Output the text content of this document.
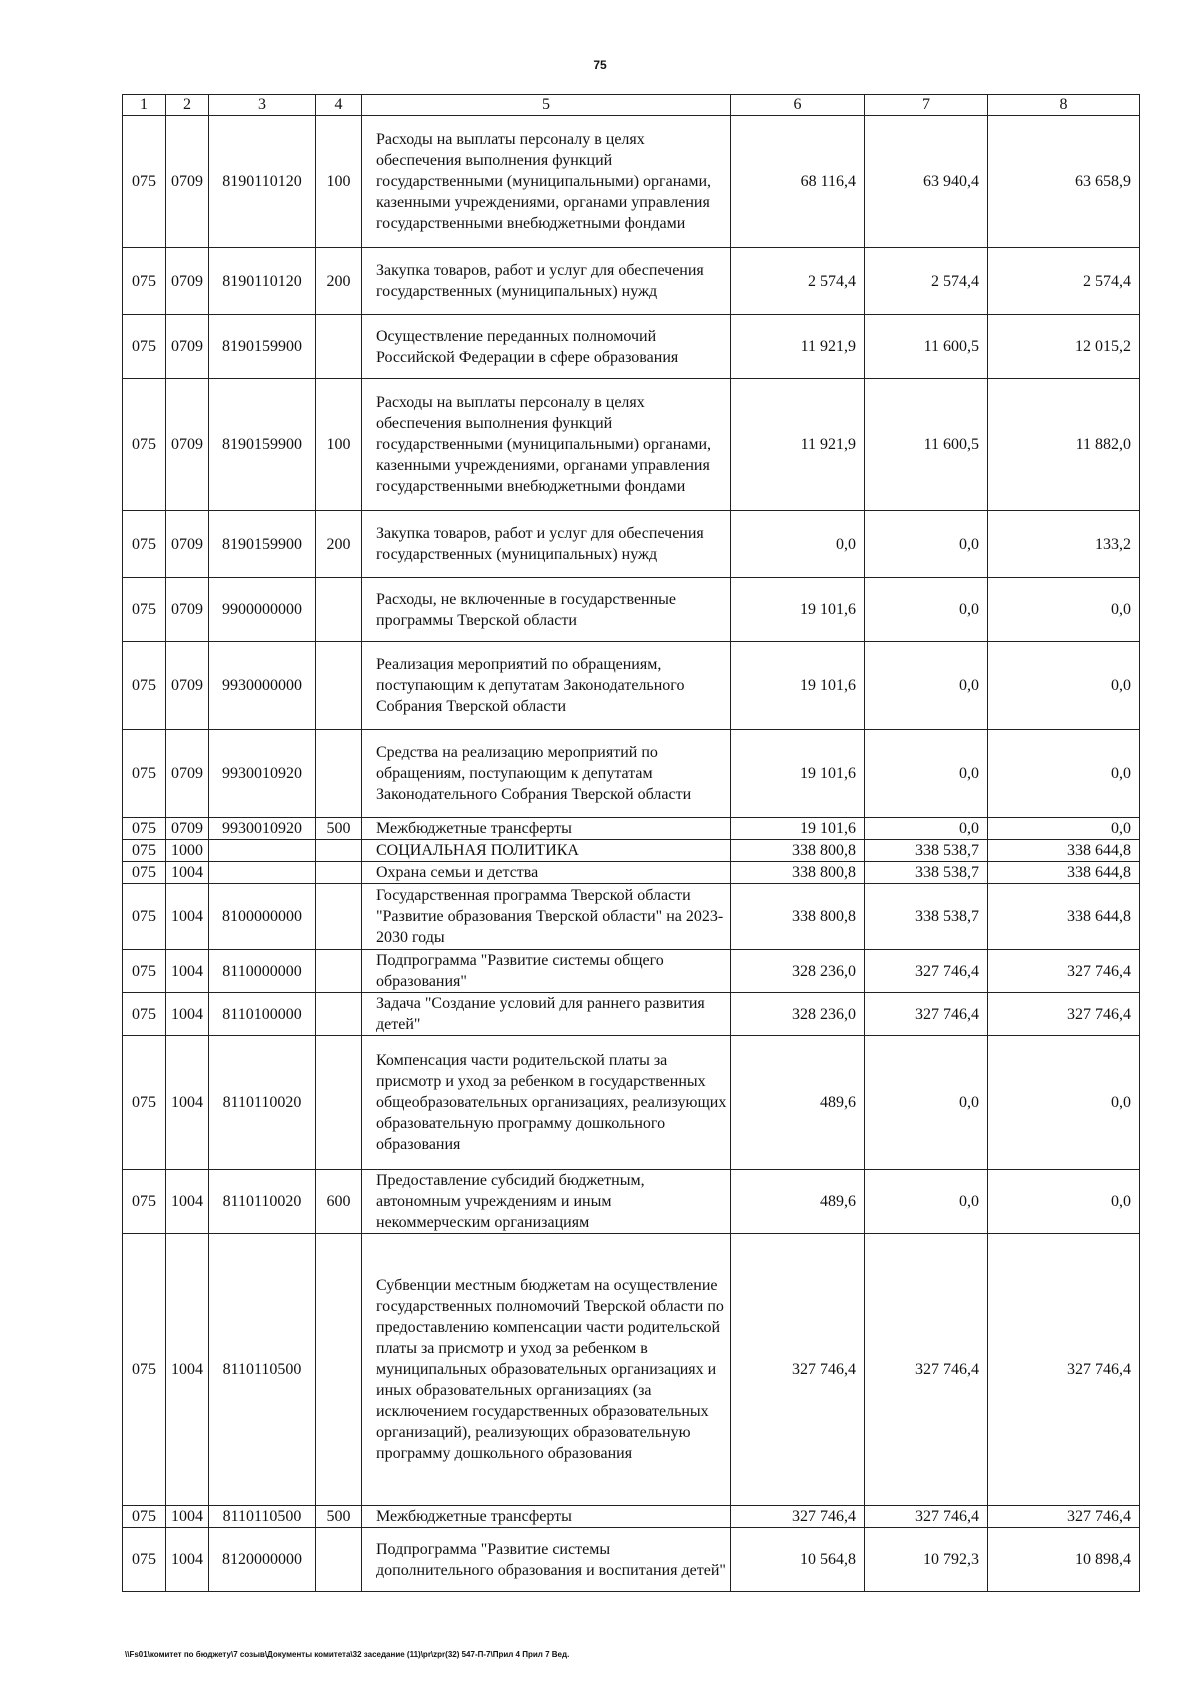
75
1	2	3	4	5	6	7	8
075	0709	8190110120	100	Расходы на выплаты персоналу в целях обеспечения выполнения функций государственными (муниципальными) органами, казенными учреждениями, органами управления государственными внебюджетными фондами	68 116,4	63 940,4	63 658,9
075	0709	8190110120	200	Закупка товаров, работ и услуг для обеспечения государственных (муниципальных) нужд	2 574,4	2 574,4	2 574,4
075	0709	8190159900		Осуществление переданных полномочий Российской Федерации в сфере образования	11 921,9	11 600,5	12 015,2
075	0709	8190159900	100	Расходы на выплаты персоналу в целях обеспечения выполнения функций государственными (муниципальными) органами, казенными учреждениями, органами управления государственными внебюджетными фондами	11 921,9	11 600,5	11 882,0
075	0709	8190159900	200	Закупка товаров, работ и услуг для обеспечения государственных (муниципальных) нужд	0,0	0,0	133,2
075	0709	9900000000		Расходы, не включенные в государственные программы Тверской области	19 101,6	0,0	0,0
075	0709	9930000000		Реализация мероприятий по обращениям, поступающим к депутатам Законодательного Собрания Тверской области	19 101,6	0,0	0,0
075	0709	9930010920		Средства на реализацию мероприятий по обращениям, поступающим к депутатам Законодательного Собрания Тверской области	19 101,6	0,0	0,0
075	0709	9930010920	500	Межбюджетные трансферты	19 101,6	0,0	0,0
075	1000			СОЦИАЛЬНАЯ ПОЛИТИКА	338 800,8	338 538,7	338 644,8
075	1004			Охрана семьи и детства	338 800,8	338 538,7	338 644,8
075	1004	8100000000		Государственная программа Тверской области "Развитие образования Тверской области" на 2023-2030 годы	338 800,8	338 538,7	338 644,8
075	1004	8110000000		Подпрограмма "Развитие системы общего образования"	328 236,0	327 746,4	327 746,4
075	1004	8110100000		Задача "Создание условий для раннего развития детей"	328 236,0	327 746,4	327 746,4
075	1004	8110110020		Компенсация части родительской платы за присмотр и уход за ребенком в государственных общеобразовательных организациях, реализующих образовательную программу дошкольного образования	489,6	0,0	0,0
075	1004	8110110020	600	Предоставление субсидий бюджетным, автономным учреждениям и иным некоммерческим организациям	489,6	0,0	0,0
075	1004	8110110500		Субвенции местным бюджетам на осуществление государственных полномочий Тверской области по предоставлению компенсации части родительской платы за присмотр и уход за ребенком в муниципальных образовательных организациях и иных образовательных организациях (за исключением государственных образовательных организаций), реализующих образовательную программу дошкольного образования	327 746,4	327 746,4	327 746,4
075	1004	8110110500	500	Межбюджетные трансферты	327 746,4	327 746,4	327 746,4
075	1004	8120000000		Подпрограмма "Развитие системы дополнительного образования и воспитания детей"	10 564,8	10 792,3	10 898,4
\\Fs01\комитет по бюджету\7 созыв\Документы комитета\32 заседание (11)\pr\zpr(32) 547-П-7\Прил 4 Прил 7 Вед.
